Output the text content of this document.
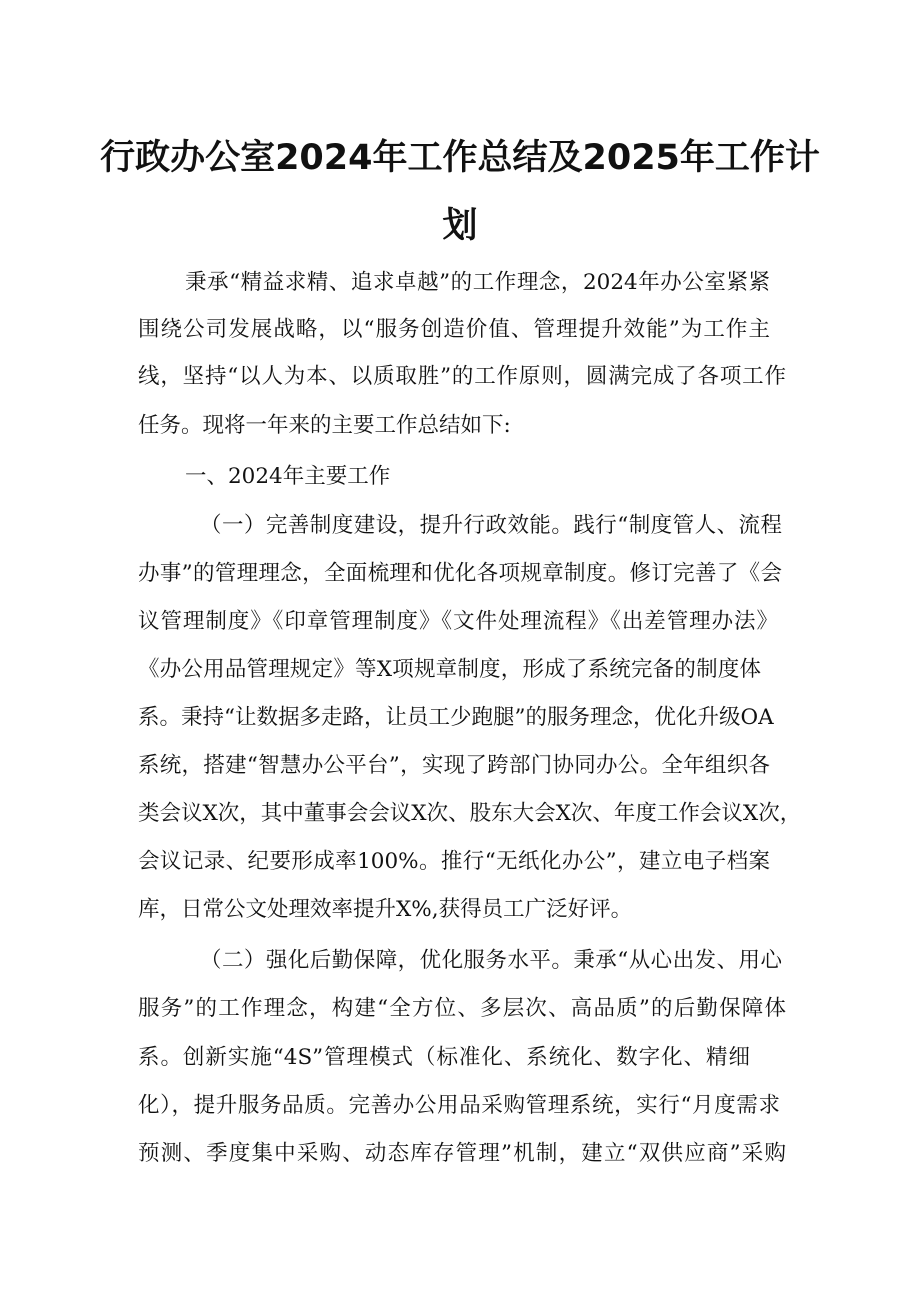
行政办公室2024年工作总结及2025年工作计
划
秉承“精益求精、追求卓越”的工作理念，2024年办公室紧紧
围绕公司发展战略，以“服务创造价值、管理提升效能”为工作主
线，坚持“以人为本、以质取胜”的工作原则，圆满完成了各项工作
任务。现将一年来的主要工作总结如下:
一、2024年主要工作
（一）完善制度建设，提升行政效能。践行“制度管人、流程
办事”的管理理念，全面梳理和优化各项规章制度。修订完善了《会
议管理制度》《印章管理制度》《文件处理流程》《出差管理办法》
《办公用品管理规定》等X项规章制度，形成了系统完备的制度体
系。秉持“让数据多走路，让员工少跑腿”的服务理念，优化升级OA
系统，搭建“智慧办公平台”，实现了跨部门协同办公。全年组织各
类会议X次，其中董事会会议X次、股东大会X次、年度工作会议X次，
会议记录、纪要形成率100%。推行“无纸化办公”，建立电子档案
库，日常公文处理效率提升X%,获得员工广泛好评。
（二）强化后勤保障，优化服务水平。秉承“从心出发、用心
服务”的工作理念，构建“全方位、多层次、高品质”的后勤保障体
系。创新实施“4S”管理模式（标准化、系统化、数字化、精细
化），提升服务品质。完善办公用品采购管理系统，实行“月度需求
预测、季度集中采购、动态库存管理”机制，建立“双供应商”采购
